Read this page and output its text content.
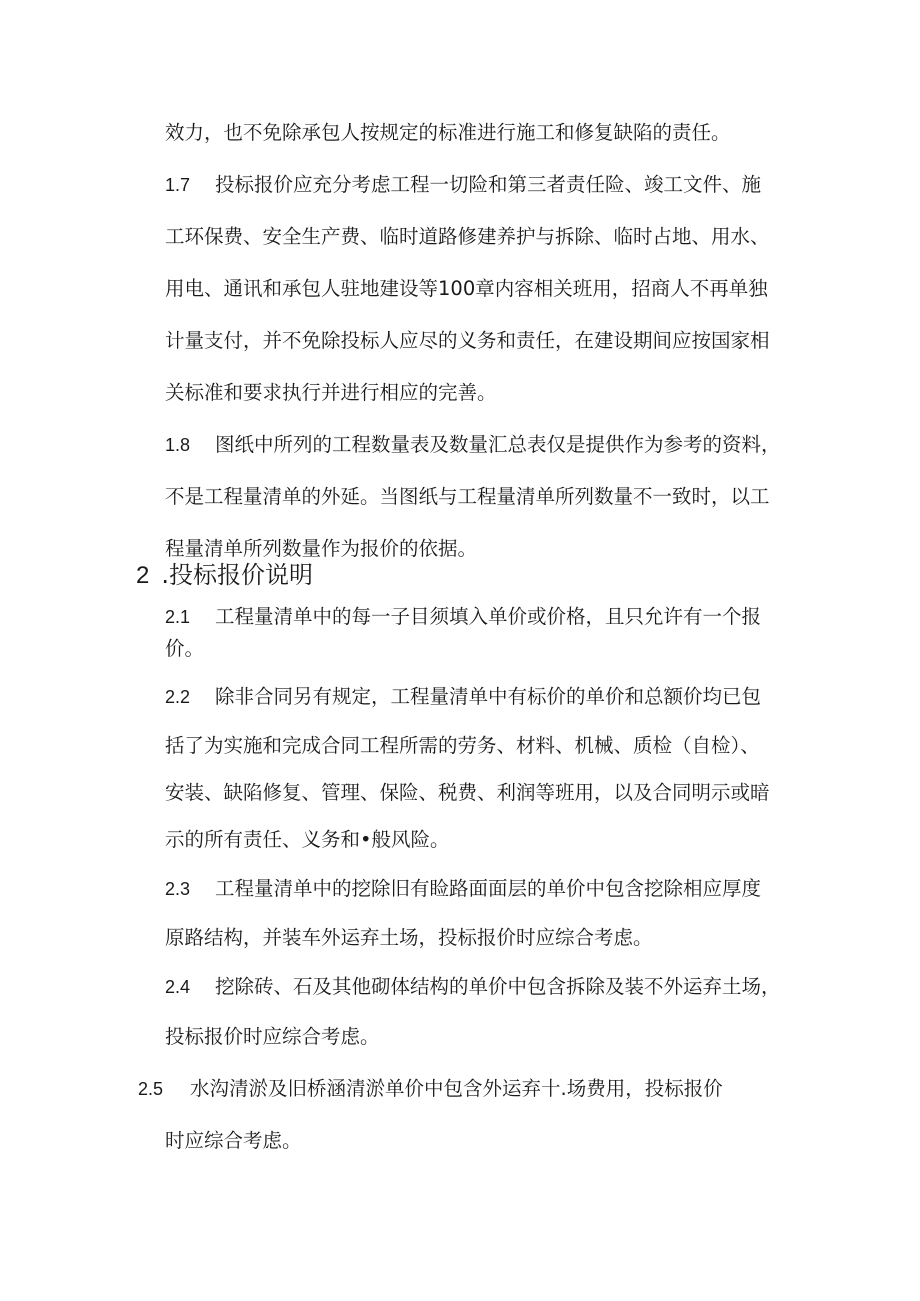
效力，也不免除承包人按规定的标准进行施工和修复缺陷的责任。
1.7 投标报价应充分考虑工程一切险和第三者责任险、竣工文件、施
工环保费、安全生产费、临时道路修建养护与拆除、临时占地、用水、
用电、通讯和承包人驻地建设等100章内容相关班用，招商人不再单独
计量支付，并不免除投标人应尽的义务和责任，在建设期间应按国家相
关标准和要求执行并进行相应的完善。
1.8 图纸中所列的工程数量表及数量汇总表仅是提供作为参考的资料，
不是工程量清单的外延。当图纸与工程量清单所列数量不一致时，以工
程量清单所列数量作为报价的依据。
2 .投标报价说明
2.1 工程量清单中的每一子目须填入单价或价格，且只允许有一个报
价。
2.2 除非合同另有规定，工程量清单中有标价的单价和总额价均已包
括了为实施和完成合同工程所需的劳务、材料、机械、质检（自检）、
安装、缺陷修复、管理、保险、税费、利润等班用，以及合同明示或暗
示的所有责任、义务和•般风险。
2.3 工程量清单中的挖除旧有睑路面面层的单价中包含挖除相应厚度
原路结构，并装车外运弃土场，投标报价时应综合考虑。
2.4 挖除砖、石及其他砌体结构的单价中包含拆除及装不外运弃土场，
投标报价时应综合考虑。
2.5 水沟清淤及旧桥涵清淤单价中包含外运弃十.场费用，投标报价
时应综合考虑。
